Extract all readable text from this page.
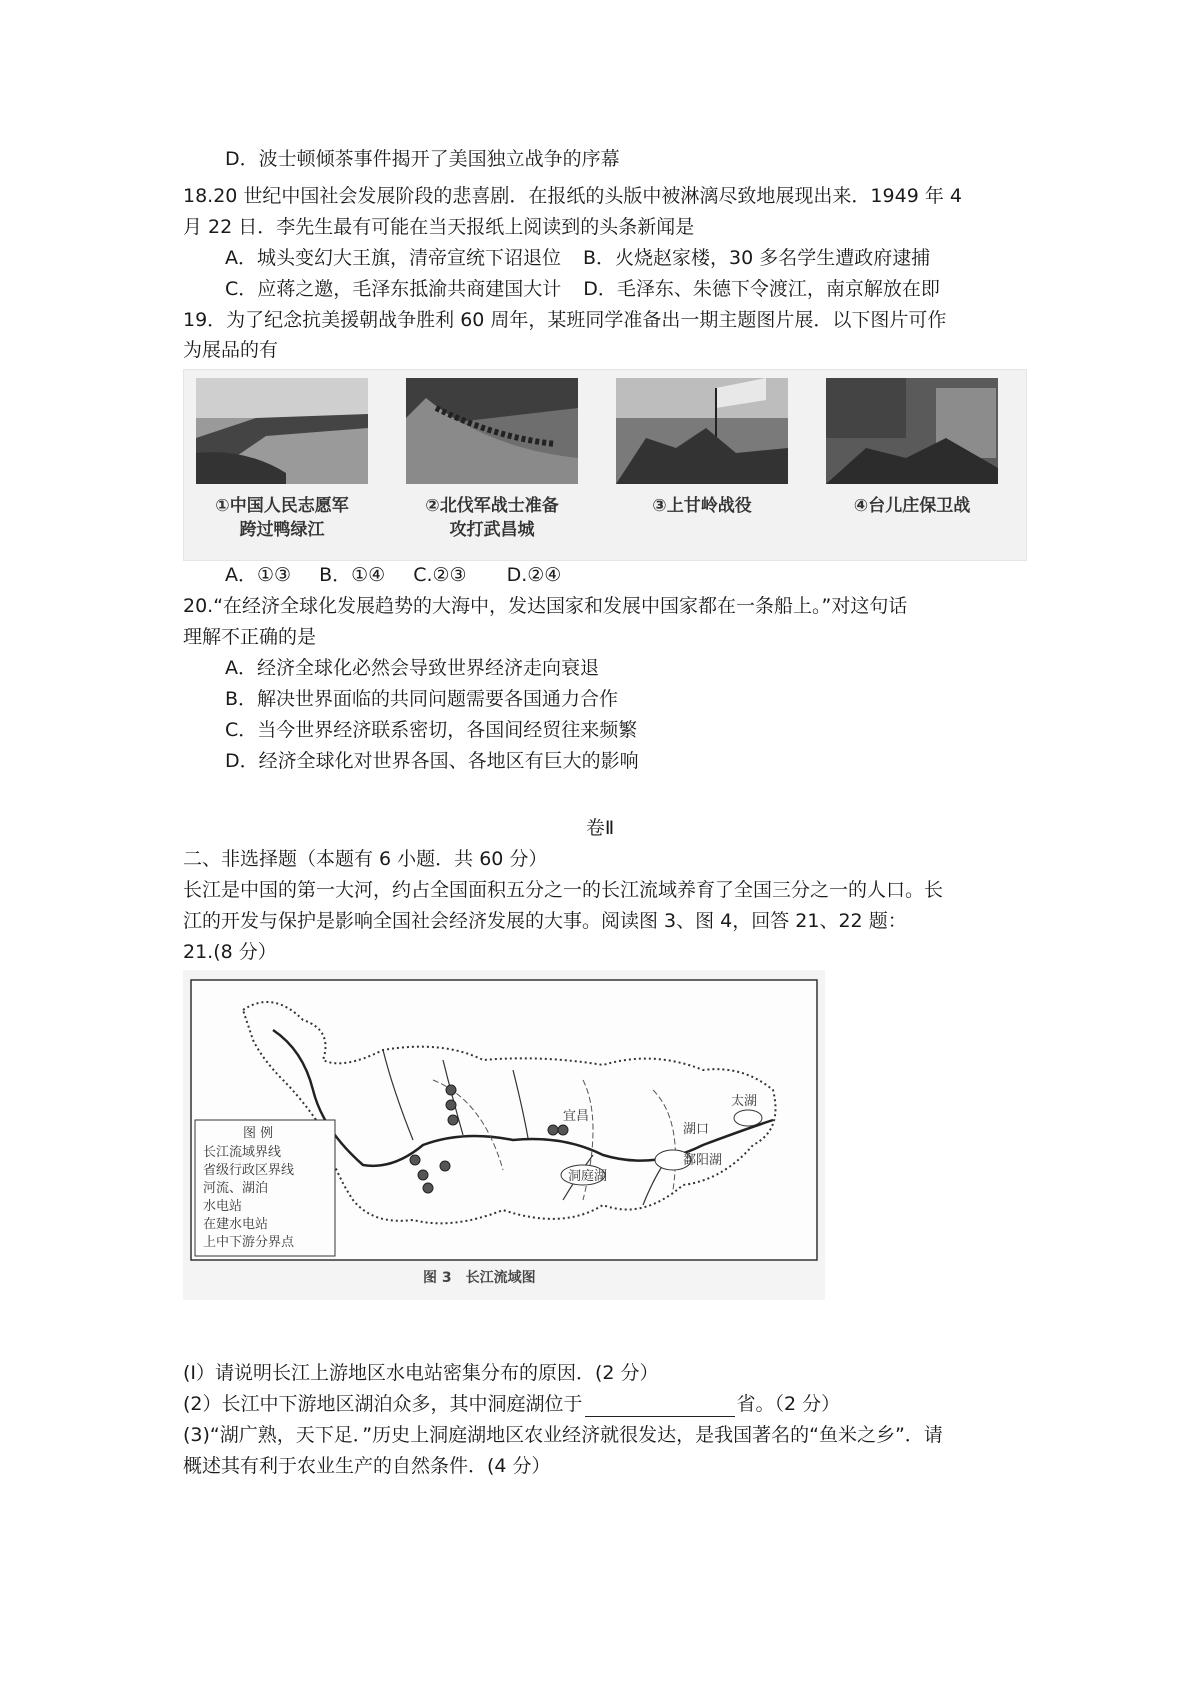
D．波士顿倾茶事件揭开了美国独立战争的序幕
18.20 世纪中国社会发展阶段的悲喜剧．在报纸的头版中被淋漓尽致地展现出来．1949 年 4
月 22 日．李先生最有可能在当天报纸上阅读到的头条新闻是
A．城头变幻大王旗，清帝宣统下诏退位 B．火烧赵家楼，30 多名学生遭政府逮捕
C．应蒋之邀，毛泽东抵渝共商建国大计 D．毛泽东、朱德下令渡江，南京解放在即
19．为了纪念抗美援朝战争胜利 60 周年，某班同学准备出一期主题图片展．以下图片可作
为展品的有
①中国人民志愿军
跨过鸭绿江
②北伐军战士准备
攻打武昌城
③上甘岭战役	④台儿庄保卫战
A．①③ B．①④ C.②③ D.②④
20.“在经济全球化发展趋势的大海中，发达国家和发展中国家都在一条船上。”对这句话
理解不正确的是
A．经济全球化必然会导致世界经济走向衰退
B．解决世界面临的共同问题需要各国通力合作
C．当今世界经济联系密切，各国间经贸往来频繁
D．经济全球化对世界各国、各地区有巨大的影响
卷Ⅱ
二、非选择题（本题有 6 小题．共 60 分）
长江是中国的第一大河，约占全国面积五分之一的长江流域养育了全国三分之一的人口。长
江的开发与保护是影响全国社会经济发展的大事。阅读图 3、图 4，回答 21、22 题：
21.(8 分）
图 例
长江流域界线
省级行政区界线
河流、湖泊
水电站
在建水电站
上中下游分界点
宜昌
洞庭湖
湖口
鄱阳湖
太湖
图 3　长江流域图
(Ⅰ）请说明长江上游地区水电站密集分布的原因．(2 分）
(2）长江中下游地区湖泊众多，其中洞庭湖位于	省。（2 分）
(3)“湖广熟，天下足．”历史上洞庭湖地区农业经济就很发达，是我国著名的“鱼米之乡”．请
概述其有利于农业生产的自然条件．(4 分）
